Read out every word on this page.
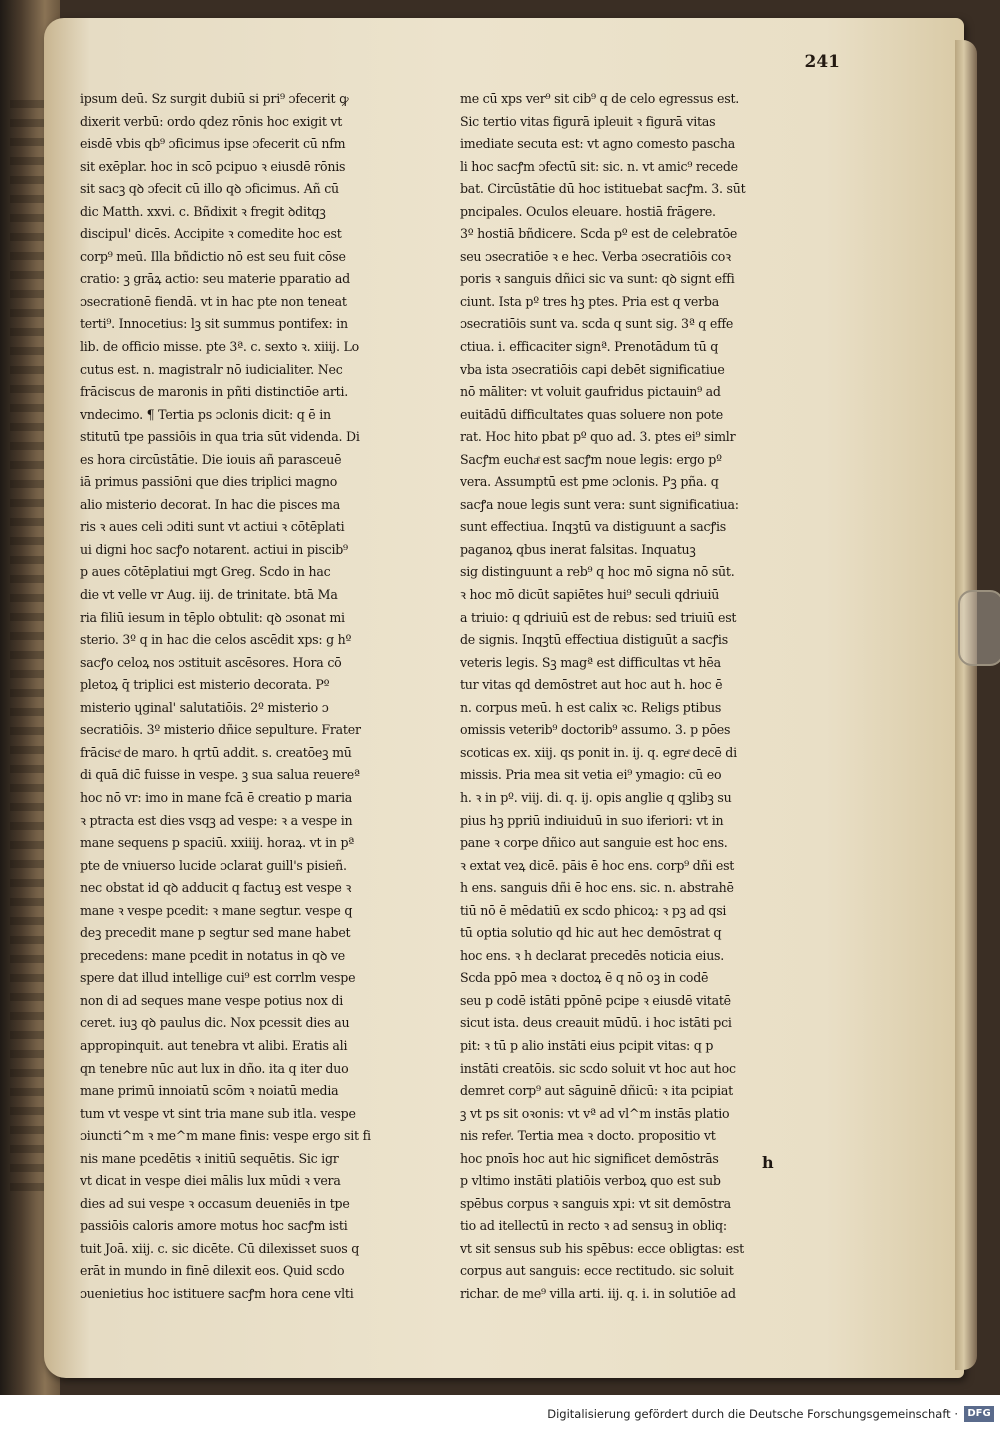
241
ipsum deū. Sz surgit dubiū si pri⁹ ɔfecerit ꝙ
dixerit verbū: ordo qdez rōnis hoc exigit vt
eisdē vbis qb⁹ ɔficimus ipse ɔfecerit cū nfm
sit exēplar. hoc in scō pcipuo ꝛ eiusdē rōnis
sit sacꝫ qꝺ ɔfecit cū illo qꝺ ɔficimus. Añ cū
dic Matth. xxvi. c. Bñdixit ꝛ fregit ꝺditqꝫ
discipul' dicēs. Accipite ꝛ comedite hoc est
corp⁹ meū. Illa bñdictio nō est seu fuit cōse
cratio: ꝫ grāꝝ actio: seu materie pparatio ad
ɔsecrationē fiendā. vt in hac pte non teneat
terti⁹. Innocetius: lꝫ sit summus pontifex: in
lib. de officio misse. pte 3ª. c. sexto ꝛ. xiiij. Lo
cutus est. n. magistralr nō iudicialiter. Nec
frāciscus de maronis in pñti distinctiōe arti.
vndecimo. ¶ Tertia ps ɔclonis dicit: q ē in
stitutū tpe passiōis in qua tria sūt videnda. Di
es hora circūstātie. Die iouis añ parasceuē
iā primus passiōni que dies triplici magno
alio misterio decorat. In hac die pisces ma
ris ꝛ aues celi ɔditi sunt vt actiui ꝛ cōtēplati
ui digni hoc sacꝭo notarent. actiui in piscib⁹
p aues cōtēplatiui mgt Greg. Scdo in hac
die vt velle vr Aug. iij. de trinitate. btā Ma
ria filiū iesum in tēplo obtulit: qꝺ ɔsonat mi
sterio. 3º q in hac die celos ascēdit xps: g hº
sacꝭo celoꝝ nos ɔstituit ascēsores. Hora cō
pletoꝝ q̄ triplici est misterio decorata. Pº
misterio ɥginal' salutatiōis. 2º misterio ɔ
secratiōis. 3º misterio dñice sepulture. Frater
frāciscͤ de maro. h qrtū addit. s. creatōeꝫ mū
di quā dic̄ fuisse in vespe. ꝫ sua salua reuereª
hoc nō vr: imo in mane fcā ē creatio p maria
ꝛ ptracta est dies vsqꝫ ad vespe: ꝛ a vespe in
mane sequens p spaciū. xxiiij. horaꝝ. vt in pª
pte de vniuerso lucide ɔclarat guill's pisieñ.
nec obstat id qꝺ adducit q factuꝫ est vespe ꝛ
mane ꝛ vespe pcedit: ꝛ mane segtur. vespe q
deꝫ precedit mane p segtur sed mane habet
precedens: mane pcedit in notatus in qꝺ ve
spere dat illud intellige cui⁹ est corrlm vespe
non di ad seques mane vespe potius nox di
ceret. iuꝫ qꝺ paulus dic. Nox pcessit dies au
appropinquit. aut tenebra vt alibi. Eratis ali
qn tenebre nūc aut lux in dño. ita q iter duo
mane primū innoiatū scōm ꝛ noiatū media
tum vt vespe vt sint tria mane sub itla. vespe
ɔiuncti^m ꝛ me^m mane finis: vespe ergo sit fi
nis mane pcedētis ꝛ initiū sequētis. Sic igr
vt dicat in vespe diei mālis lux mūdi ꝛ vera
dies ad sui vespe ꝛ occasum deueniēs in tpe
passiōis caloris amore motus hoc sacꝭm isti
tuit Joā. xiij. c. sic dicēte. Cū dilexisset suos q
erāt in mundo in finē dilexit eos. Quid scdo
ɔuenietius hoc istituere sacꝭm hora cene vlti
me cū xps ver⁹ sit cib⁹ q de celo egressus est.
Sic tertio vitas figurā ipleuit ꝛ figurā vitas
imediate secuta est: vt agno comesto pascha
li hoc sacꝭm ɔfectū sit: sic. n. vt amic⁹ recede
bat. Circūstātie dū hoc istituebat sacꝭm. 3. sūt
pncipales. Oculos eleuare. hostiā frāgere.
3º hostiā bñdicere. Scda pº est de celebratōe
seu ɔsecratiōe ꝛ e hec. Verba ɔsecratiōis coꝛ
poris ꝛ sanguis dñici sic va sunt: qꝺ signt effi
ciunt. Ista pº tres hꝫ ptes. Pria est q verba
ɔsecratiōis sunt va. scda q sunt sig. 3ª q effe
ctiua. i. efficaciter signª. Prenotādum tū q
vba ista ɔsecratiōis capi debēt significatiue
nō māliter: vt voluit gaufridus pictauin⁹ ad
euitādū difficultates quas soluere non pote
rat. Hoc hito pbat pº quo ad. 3. ptes ei⁹ simlr
Sacꝭm euchaͤ est sacꝭm noue legis: ergo pº
vera. Assumptū est pme ɔclonis. Pꝫ pña. q
sacꝭa noue legis sunt vera: sunt significatiua:
sunt effectiua. Inqꝫtū va distiguunt a sacꝭis
paganoꝝ qbus inerat falsitas. Inquatuꝫ
sig distinguunt a reb⁹ q hoc mō signa nō sūt.
ꝛ hoc mō dicūt sapiētes hui⁹ seculi qdriuiū
a triuio: q qdriuiū est de rebus: sed triuiū est
de signis. Inqꝫtū effectiua distiguūt a sacꝭis
veteris legis. Sꝫ magª est difficultas vt hēa
tur vitas qd demōstret aut hoc aut h. hoc ē
n. corpus meū. h est calix ꝛc. Religs ptibus
omissis veterib⁹ doctorib⁹ assumo. 3. p pōes
scoticas ex. xiij. qs ponit in. ij. q. egreͤ decē di
missis. Pria mea sit vetia ei⁹ ymagio: cū eo
h. ꝛ in pº. viij. di. q. ij. opis anglie q qꝫlibꝫ su
pius hꝫ ppriū indiuiduū in suo iferiori: vt in
pane ꝛ corpe dñico aut sanguie est hoc ens.
ꝛ extat veꝝ dicē. pāis ē hoc ens. corp⁹ dñi est
h ens. sanguis dñi ē hoc ens. sic. n. abstrahē
tiū nō ē mēdatiū ex scdo phicoꝝ: ꝛ pꝫ ad qsi
tū optia solutio qd hic aut hec demōstrat q
hoc ens. ꝛ h declarat precedēs noticia eius.
Scda ppō mea ꝛ doctoꝝ ē q nō oꝫ in codē
seu p codē istāti ppōnē pcipe ꝛ eiusdē vitatē
sicut ista. deus creauit mūdū. i hoc istāti pci
pit: ꝛ tū p alio instāti eius pcipit vitas: q p
instāti creatōis. sic scdo soluit vt hoc aut hoc
demret corp⁹ aut sāguinē dñicū: ꝛ ita pcipiat
ꝫ vt ps sit oꝛonis: vt vª ad vl^m instās platio
nis referͭ. Tertia mea ꝛ docto. propositio vt
hoc pnoīs hoc aut hic significet demōstrās
p vltimo instāti platiōis verboꝝ quo est sub
spēbus corpus ꝛ sanguis xpi: vt sit demōstra
tio ad itellectū in recto ꝛ ad sensuꝫ in obliq:
vt sit sensus sub his spēbus: ecce obligtas: est
corpus aut sanguis: ecce rectitudo. sic soluit
richar. de me⁹ villa arti. iij. q. i. in solutiōe ad
h
Digitalisierung gefördert durch die Deutsche Forschungsgemeinschaft · DFG
